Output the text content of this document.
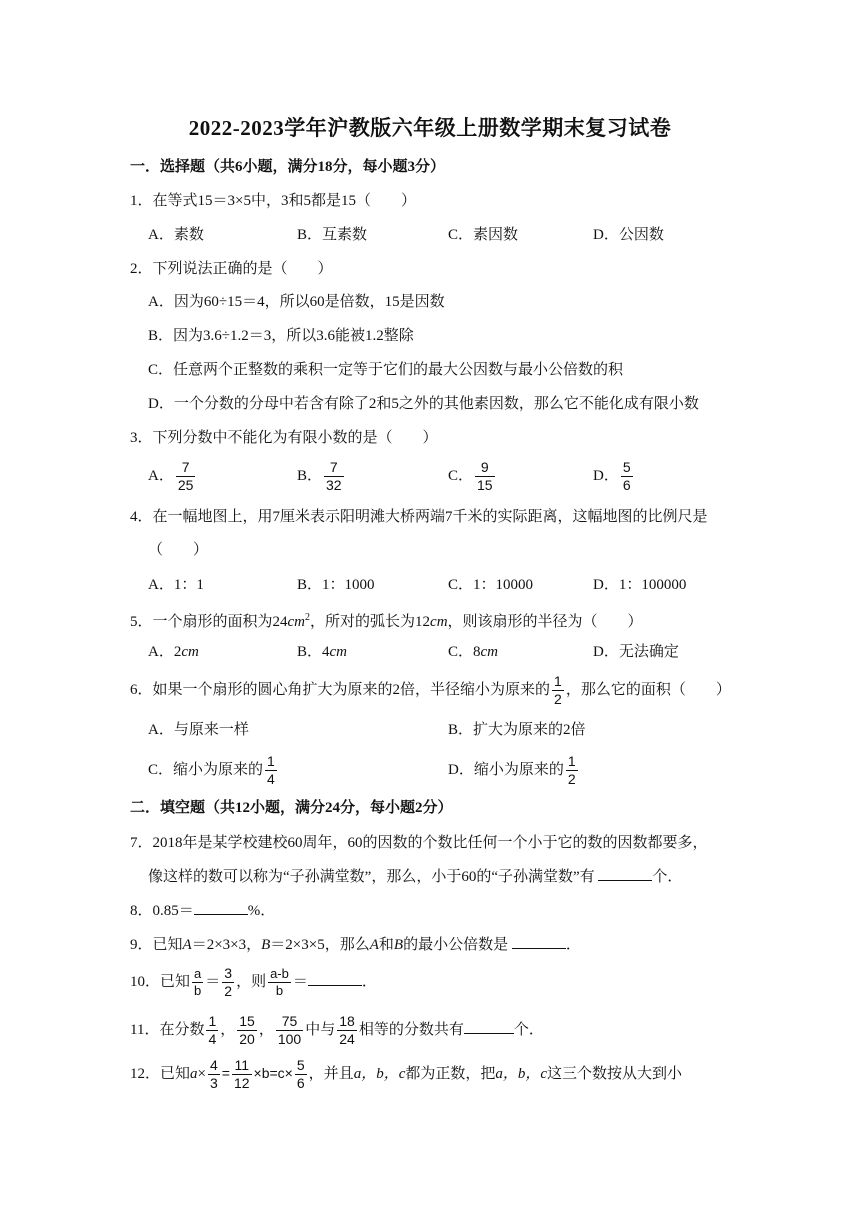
2022-2023学年沪教版六年级上册数学期末复习试卷
一．选择题（共6小题，满分18分，每小题3分）
1．在等式15＝3×5中，3和5都是15（　　）
A．素数	B．互素数	C．素因数	D．公因数
2．下列说法正确的是（　　）
A．因为60÷15＝4，所以60是倍数，15是因数
B．因为3.6÷1.2＝3，所以3.6能被1.2整除
C．任意两个正整数的乘积一定等于它们的最大公因数与最小公倍数的积
D．一个分数的分母中若含有除了2和5之外的其他素因数，那么它不能化成有限小数
3．下列分数中不能化为有限小数的是（　　）
A． $\frac{7}{25}$	B． $\frac{7}{32}$	C． $\frac{9}{15}$	D． $\frac{5}{6}$
4．在一幅地图上，用7厘米表示阳明滩大桥两端7千米的实际距离，这幅地图的比例尺是
（　　）
A．1：1	B．1：1000	C．1：10000	D．1：100000
5．一个扇形的面积为$24cm^2$，所对的弧长为12cm，则该扇形的半径为（　　）
A．2cm	B．4cm	C．8cm	D．无法确定
6．如果一个扇形的圆心角扩大为原来的2倍，半径缩小为原来的 $\frac{1}{2}$ ，那么它的面积（　　）
A．与原来一样	B．扩大为原来的2倍
C．缩小为原来的 $\frac{1}{4}$	D．缩小为原来的 $\frac{1}{2}$
二．填空题（共12小题，满分24分，每小题2分）
7．2018年是某学校建校60周年，60的因数的个数比任何一个小于它的数的因数都要多，
像这样的数可以称为“子孙满堂数”，那么，小于60的“子孙满堂数”有	个．
8．0.85＝	%．
9．已知A＝2×3×3，B＝2×3×5，那么A和B的最小公倍数是	．
10．已知 $\frac{a}{b} = \frac{3}{2}$ ，则 $\frac{a-b}{b}$ ＝	．
11．在分数 $\frac{1}{4}$ ， $\frac{15}{20}$ ， $\frac{75}{100}$ 中与 $\frac{18}{24}$ 相等的分数共有	个．
12．已知$a\times \frac{4}{3} = \frac{11}{12} \times b=c\times \frac{5}{6}$ ，并且a，b，c都为正数，把a，b，c这三个数按从大到小
